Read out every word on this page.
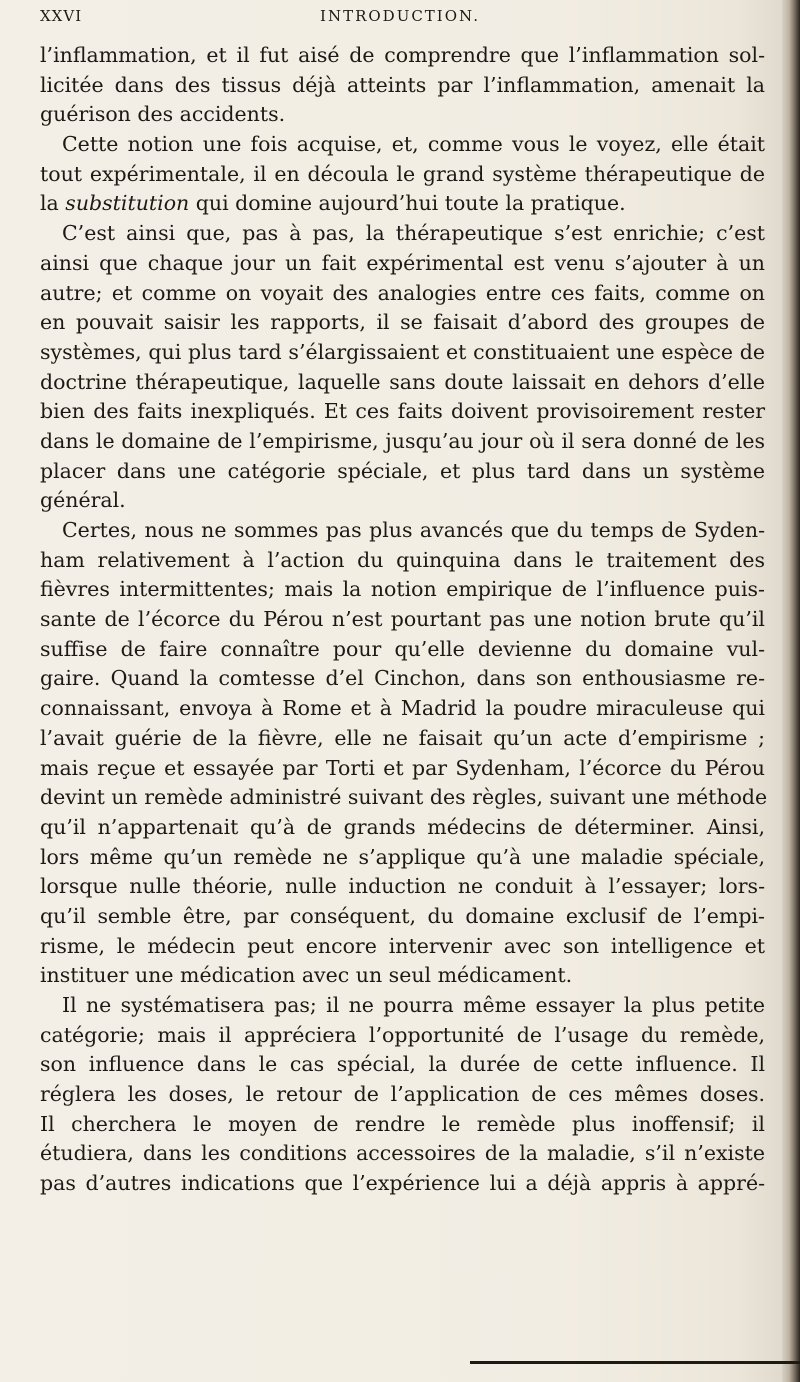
XXVI	INTRODUCTION.
l’inflammation, et il fut aisé de comprendre que l’inflammation sol-
licitée dans des tissus déjà atteints par l’inflammation, amenait la
guérison des accidents.
Cette notion une fois acquise, et, comme vous le voyez, elle était
tout expérimentale, il en découla le grand système thérapeutique de
la substitution qui domine aujourd’hui toute la pratique.
C’est ainsi que, pas à pas, la thérapeutique s’est enrichie; c’est
ainsi que chaque jour un fait expérimental est venu s’ajouter à un
autre; et comme on voyait des analogies entre ces faits, comme on
en pouvait saisir les rapports, il se faisait d’abord des groupes de
systèmes, qui plus tard s’élargissaient et constituaient une espèce de
doctrine thérapeutique, laquelle sans doute laissait en dehors d’elle
bien des faits inexpliqués. Et ces faits doivent provisoirement rester
dans le domaine de l’empirisme, jusqu’au jour où il sera donné de les
placer dans une catégorie spéciale, et plus tard dans un système
général.
Certes, nous ne sommes pas plus avancés que du temps de Syden-
ham relativement à l’action du quinquina dans le traitement des
fièvres intermittentes; mais la notion empirique de l’influence puis-
sante de l’écorce du Pérou n’est pourtant pas une notion brute qu’il
suffise de faire connaître pour qu’elle devienne du domaine vul-
gaire. Quand la comtesse d’el Cinchon, dans son enthousiasme re-
connaissant, envoya à Rome et à Madrid la poudre miraculeuse qui
l’avait guérie de la fièvre, elle ne faisait qu’un acte d’empirisme ;
mais reçue et essayée par Torti et par Sydenham, l’écorce du Pérou
devint un remède administré suivant des règles, suivant une méthode
qu’il n’appartenait qu’à de grands médecins de déterminer. Ainsi,
lors même qu’un remède ne s’applique qu’à une maladie spéciale,
lorsque nulle théorie, nulle induction ne conduit à l’essayer; lors-
qu’il semble être, par conséquent, du domaine exclusif de l’empi-
risme, le médecin peut encore intervenir avec son intelligence et
instituer une médication avec un seul médicament.
Il ne systématisera pas; il ne pourra même essayer la plus petite
catégorie; mais il appréciera l’opportunité de l’usage du remède,
son influence dans le cas spécial, la durée de cette influence. Il
réglera les doses, le retour de l’application de ces mêmes doses.
Il cherchera le moyen de rendre le remède plus inoffensif; il
étudiera, dans les conditions accessoires de la maladie, s’il n’existe
pas d’autres indications que l’expérience lui a déjà appris à appré-
